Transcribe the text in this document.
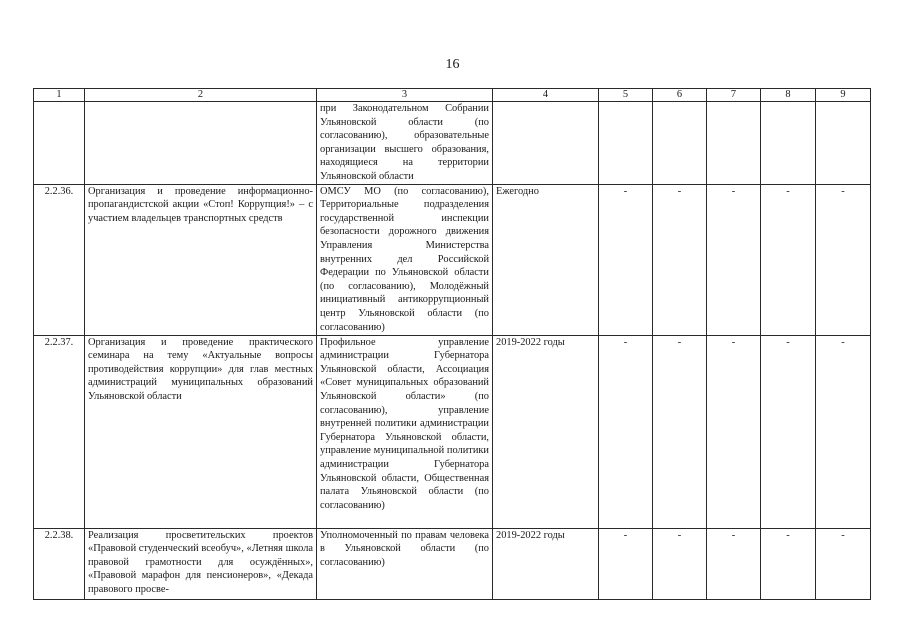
16
1	2	3	4	5	6	7	8	9
		при Законодательном Собрании Ульяновской области (по согласованию), образовательные организации высшего образования, находящиеся на территории Ульяновской области						
2.2.36.	Организация и проведение информационно-пропагандистской акции «Стоп! Коррупция!» – с участием владельцев транспортных средств	ОМСУ МО (по согласованию), Территориальные подразделения государственной инспекции безопасности дорожного движения Управления Министерства внутренних дел Российской Федерации по Ульяновской области (по согласованию), Молодёжный инициативный антикоррупционный центр Ульяновской области (по согласованию)	Ежегодно	-	-	-	-	-
2.2.37.	Организация и проведение практического семинара на тему «Актуальные вопросы противодействия коррупции» для глав местных администраций муниципальных образований Ульяновской области	Профильное управление администрации Губернатора Ульяновской области, Ассоциация «Совет муниципальных образований Ульяновской области» (по согласованию), управление внутренней политики администрации Губернатора Ульяновской области, управление муниципальной политики администрации Губернатора Ульяновской области, Общественная палата Ульяновской области (по согласованию)	2019-2022 годы	-	-	-	-	-
2.2.38.	Реализация просветительских проектов «Правовой студенческий всеобуч», «Летняя школа правовой грамотности для осуждённых», «Правовой марафон для пенсионеров», «Декада правового просве-	Уполномоченный по правам человека в Ульяновской области (по согласованию)	2019-2022 годы	-	-	-	-	-
